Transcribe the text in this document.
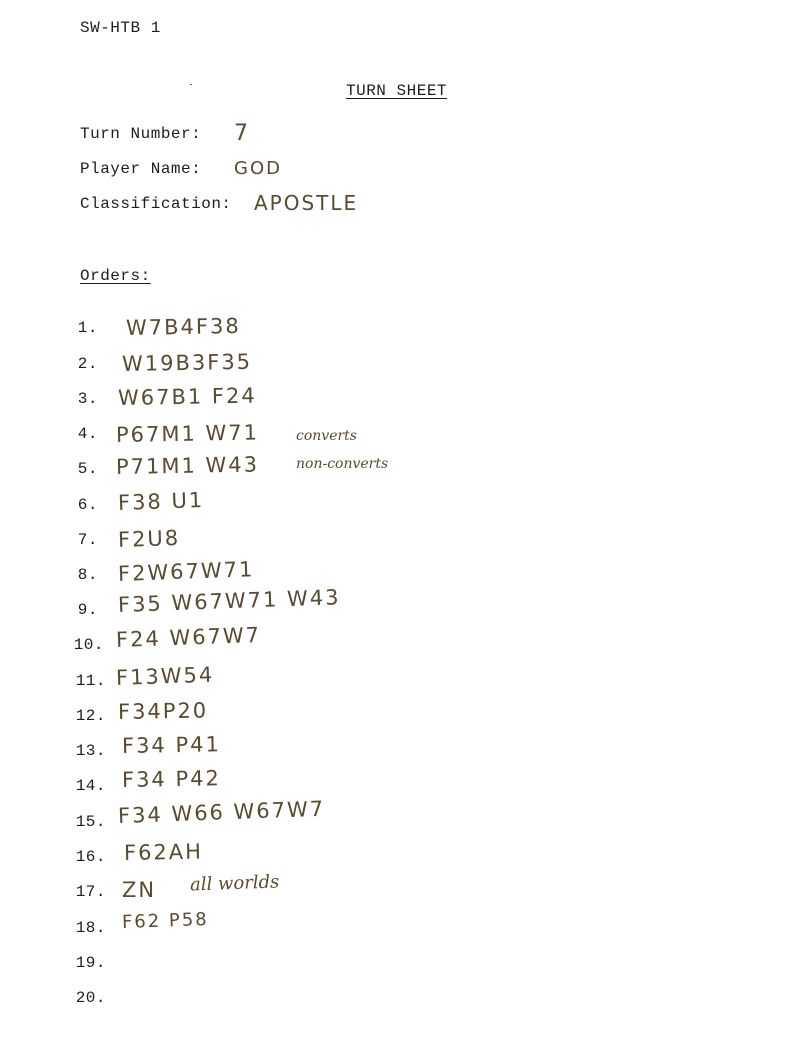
SW-HTB 1
TURN SHEET
Turn Number: 7
Player Name: GOD
Classification: APOSTLE
Orders:
1.
2.
3.
4.
5.
6.
7.
8.
9.
10.
11.
12.
13.
14.
15.
16.
17.
18.
19.
20.
W7B4F38
W19B3F35
W67B1 F24
P67M1 W71	converts
P71M1 W43	non-converts
F38 U1
F2U8
F2W67W71
F35 W67W71 W43
F24 W67W7
F13W54
F34P20
F34 P41
F34 P42
F34 W66 W67W7
F62AH
ZN all worlds
F62 P58
